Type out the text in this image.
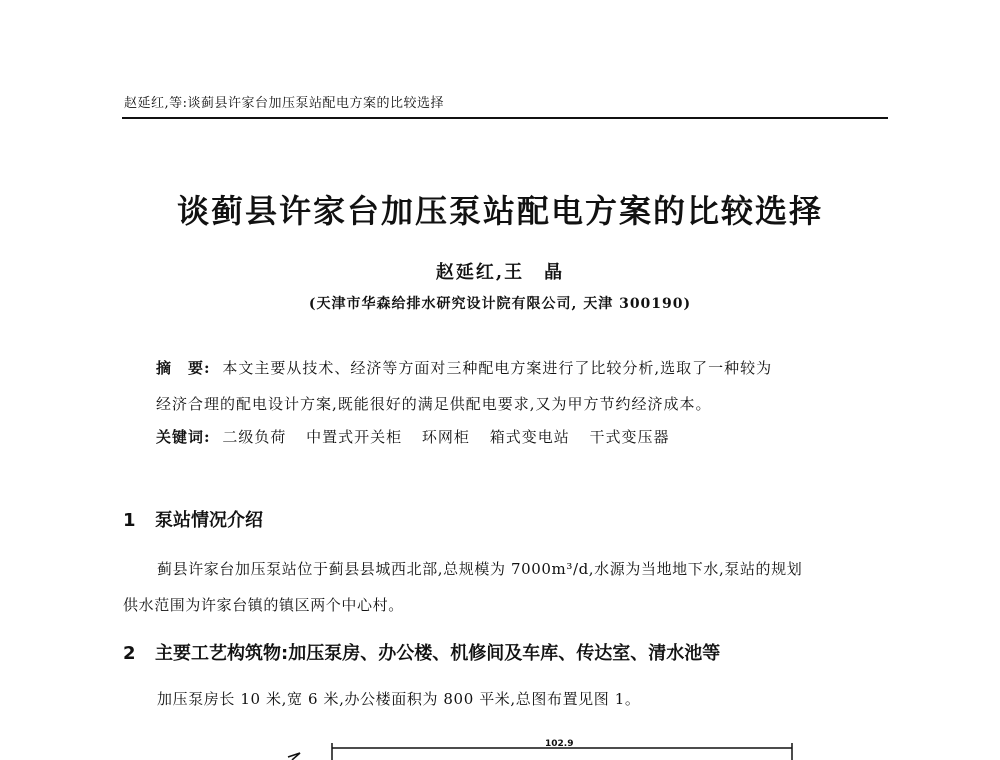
赵延红,等:谈蓟县许家台加压泵站配电方案的比较选择
谈蓟县许家台加压泵站配电方案的比较选择
赵延红,王　晶
(天津市华森给排水研究设计院有限公司, 天津 300190)
摘　要: 本文主要从技术、经济等方面对三种配电方案进行了比较分析,选取了一种较为
经济合理的配电设计方案,既能很好的满足供配电要求,又为甲方节约经济成本。
关键词: 二级负荷 中置式开关柜 环网柜 箱式变电站 干式变压器
1 泵站情况介绍
蓟县许家台加压泵站位于蓟县县城西北部,总规模为 7000m³/d,水源为当地地下水,泵站的规划
供水范围为许家台镇的镇区两个中心村。
2 主要工艺构筑物:加压泵房、办公楼、机修间及车库、传达室、清水池等
加压泵房长 10 米,宽 6 米,办公楼面积为 800 平米,总图布置见图 1。
102.9
